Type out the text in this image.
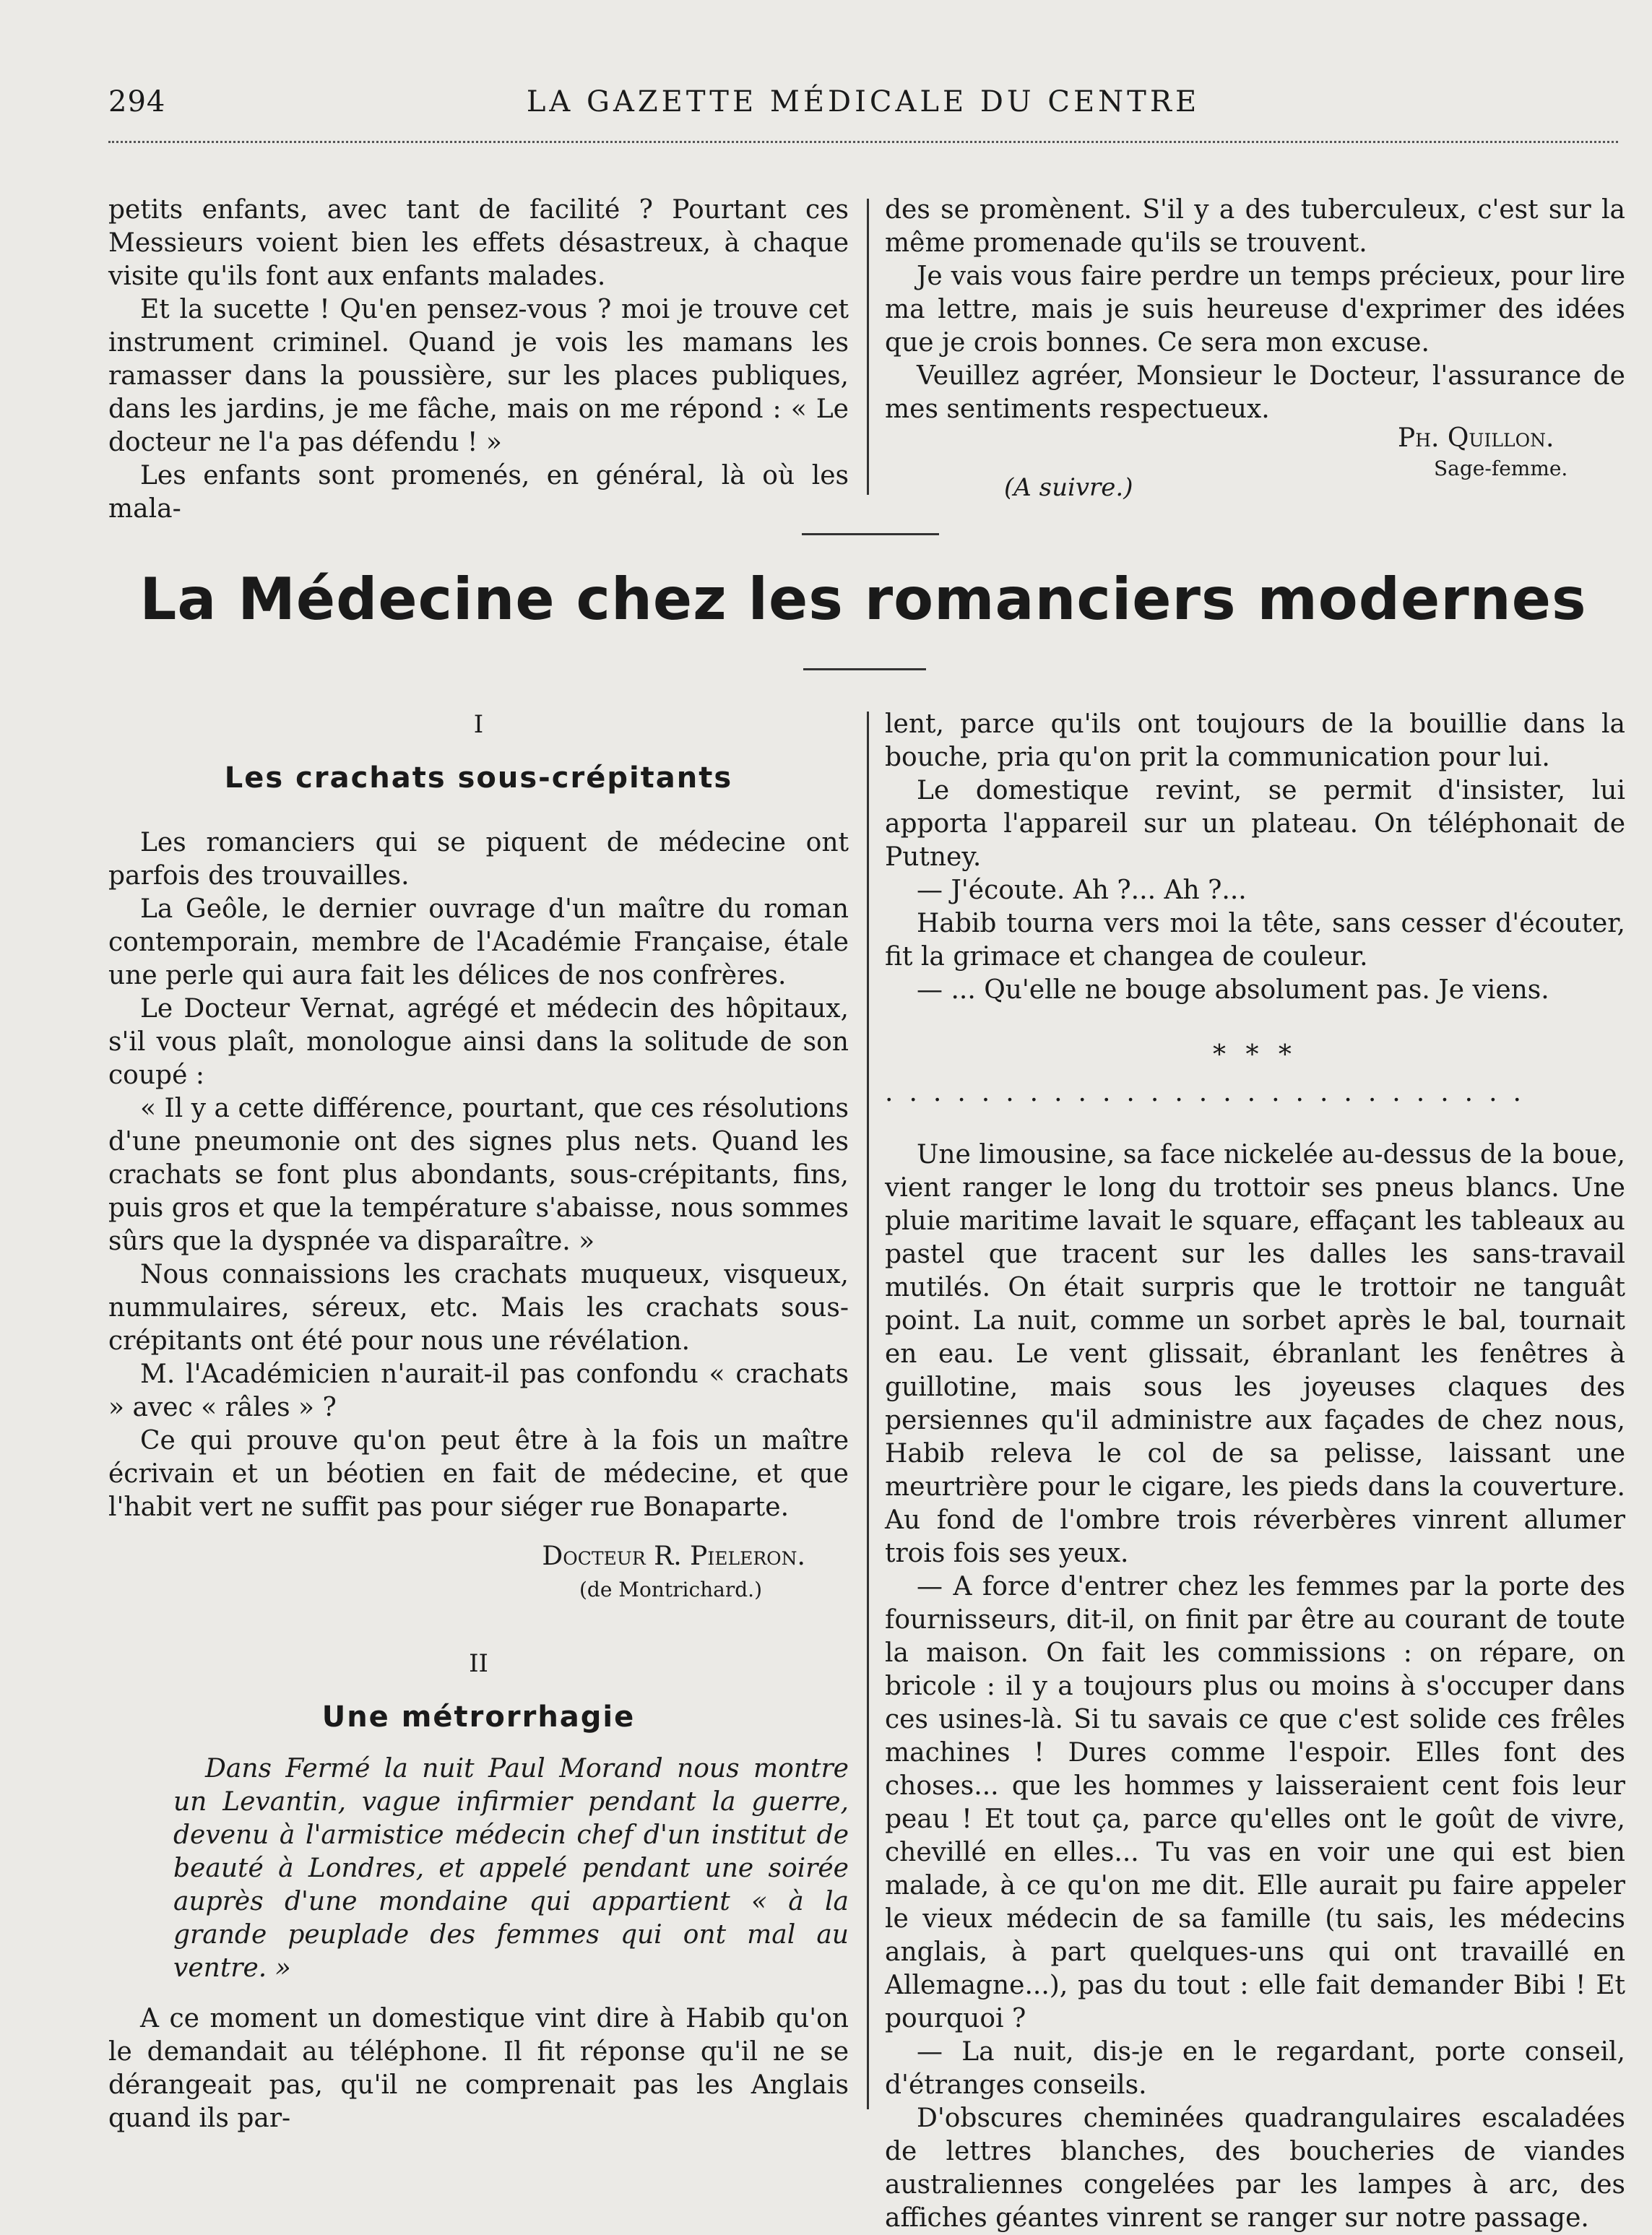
294	LA GAZETTE MÉDICALE DU CENTRE

petits enfants, avec tant de facilité ? Pourtant ces Messieurs voient bien les effets désastreux, à chaque visite qu'ils font aux enfants malades.

Et la sucette ! Qu'en pensez-vous ? moi je trouve cet instrument criminel. Quand je vois les mamans les ramasser dans la poussière, sur les places publiques, dans les jardins, je me fâche, mais on me répond : « Le docteur ne l'a pas défendu ! »

Les enfants sont promenés, en général, là où les mala-

des se promènent. S'il y a des tuberculeux, c'est sur la même promenade qu'ils se trouvent.

Je vais vous faire perdre un temps précieux, pour lire ma lettre, mais je suis heureuse d'exprimer des idées que je crois bonnes. Ce sera mon excuse.

Veuillez agréer, Monsieur le Docteur, l'assurance de mes sentiments respectueux.

Ph. Quillon.
Sage-femme.
(A suivre.)
La Médecine chez les romanciers modernes

I

Les crachats sous-crépitants

Les romanciers qui se piquent de médecine ont parfois des trouvailles.

La Geôle, le dernier ouvrage d'un maître du roman contemporain, membre de l'Académie Française, étale une perle qui aura fait les délices de nos confrères.

Le Docteur Vernat, agrégé et médecin des hôpitaux, s'il vous plaît, monologue ainsi dans la solitude de son coupé :

« Il y a cette différence, pourtant, que ces résolutions d'une pneumonie ont des signes plus nets. Quand les crachats se font plus abondants, sous-crépitants, fins, puis gros et que la température s'abaisse, nous sommes sûrs que la dyspnée va disparaître. »

Nous connaissions les crachats muqueux, visqueux, nummulaires, séreux, etc. Mais les crachats sous-crépitants ont été pour nous une révélation.

M. l'Académicien n'aurait-il pas confondu « crachats » avec « râles » ?

Ce qui prouve qu'on peut être à la fois un maître écrivain et un béotien en fait de médecine, et que l'habit vert ne suffit pas pour siéger rue Bonaparte.

Docteur R. Pieleron.

(de Montrichard.)

II

Une métrorrhagie

Dans Fermé la nuit Paul Morand nous montre un Levantin, vague infirmier pendant la guerre, devenu à l'armistice médecin chef d'un institut de beauté à Londres, et appelé pendant une soirée auprès d'une mondaine qui appartient « à la grande peuplade des femmes qui ont mal au ventre. »

A ce moment un domestique vint dire à Habib qu'on le demandait au téléphone. Il fit réponse qu'il ne se dérangeait pas, qu'il ne comprenait pas les Anglais quand ils par-

lent, parce qu'ils ont toujours de la bouillie dans la bouche, pria qu'on prit la communication pour lui.

Le domestique revint, se permit d'insister, lui apporta l'appareil sur un plateau. On téléphonait de Putney.

— J'écoute. Ah ?... Ah ?...

Habib tourna vers moi la tête, sans cesser d'écouter, fit la grimace et changea de couleur.

— ... Qu'elle ne bouge absolument pas. Je viens.

* * *

...........................

Une limousine, sa face nickelée au-dessus de la boue, vient ranger le long du trottoir ses pneus blancs. Une pluie maritime lavait le square, effaçant les tableaux au pastel que tracent sur les dalles les sans-travail mutilés. On était surpris que le trottoir ne tanguât point. La nuit, comme un sorbet après le bal, tournait en eau. Le vent glissait, ébranlant les fenêtres à guillotine, mais sous les joyeuses claques des persiennes qu'il administre aux façades de chez nous, Habib releva le col de sa pelisse, laissant une meurtrière pour le cigare, les pieds dans la couverture. Au fond de l'ombre trois réverbères vinrent allumer trois fois ses yeux.

— A force d'entrer chez les femmes par la porte des fournisseurs, dit-il, on finit par être au courant de toute la maison. On fait les commissions : on répare, on bricole : il y a toujours plus ou moins à s'occuper dans ces usines-là. Si tu savais ce que c'est solide ces frêles machines ! Dures comme l'espoir. Elles font des choses... que les hommes y laisseraient cent fois leur peau ! Et tout ça, parce qu'elles ont le goût de vivre, chevillé en elles... Tu vas en voir une qui est bien malade, à ce qu'on me dit. Elle aurait pu faire appeler le vieux médecin de sa famille (tu sais, les médecins anglais, à part quelques-uns qui ont travaillé en Allemagne...), pas du tout : elle fait demander Bibi ! Et pourquoi ?

— La nuit, dis-je en le regardant, porte conseil, d'étranges conseils.

D'obscures cheminées quadrangulaires escaladées de lettres blanches, des boucheries de viandes australiennes congelées par les lampes à arc, des affiches géantes vinrent se ranger sur notre passage.
